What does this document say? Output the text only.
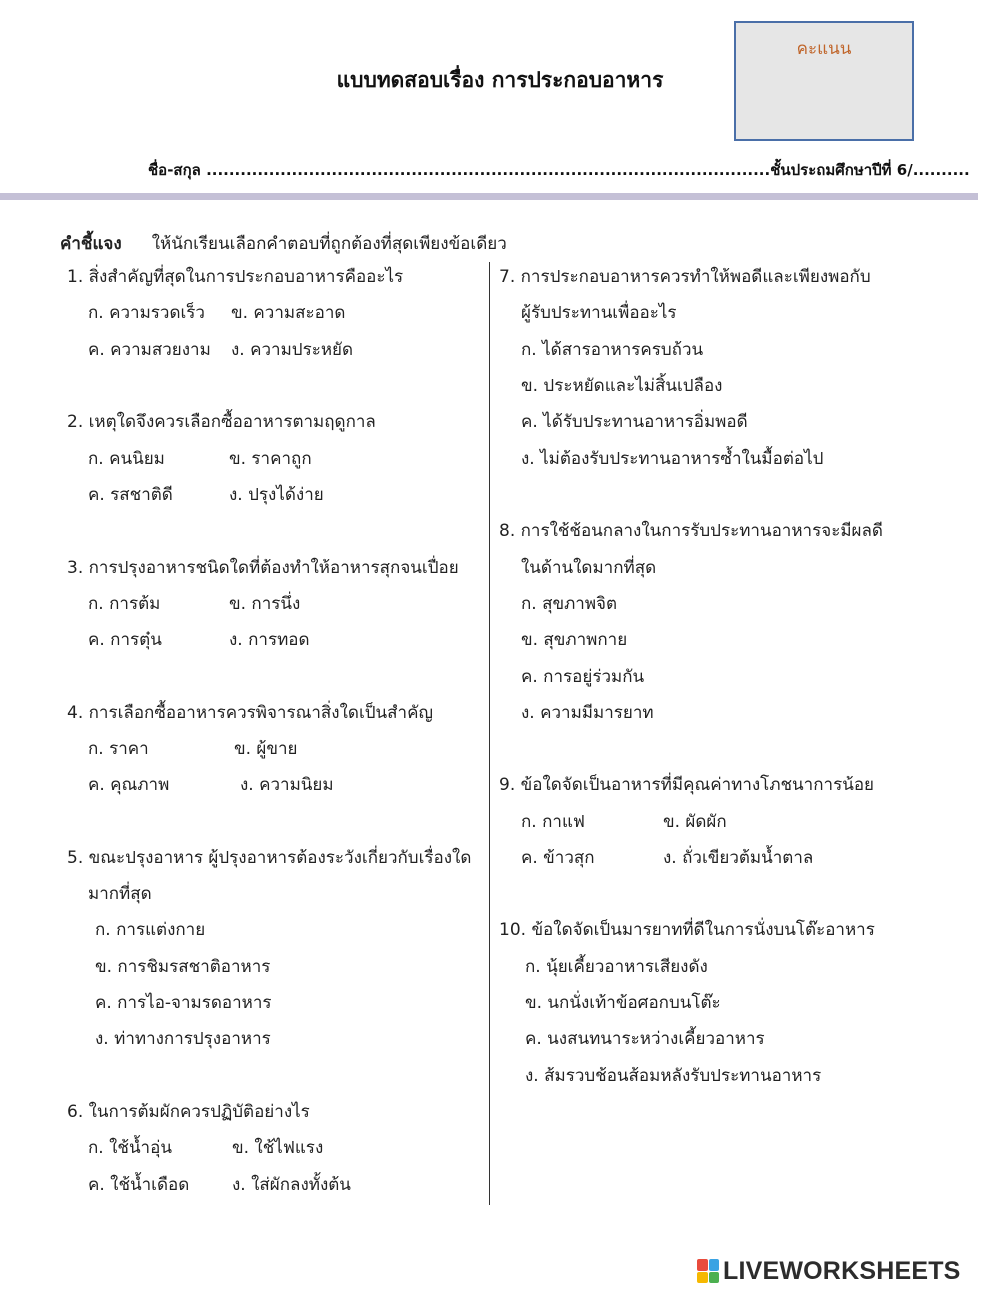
แบบทดสอบเรื่อง การประกอบอาหาร
คะแนน
ชื่อ-สกุล ...................................................................................................ชั้นประถมศึกษาปีที่ 6/..........
คำชี้แจง ให้นักเรียนเลือกคำตอบที่ถูกต้องที่สุดเพียงข้อเดียว
1. สิ่งสำคัญที่สุดในการประกอบอาหารคืออะไร
ก. ความรวดเร็ว ข. ความสะอาด
ค. ความสวยงาม ง. ความประหยัด
2. เหตุใดจึงควรเลือกซื้ออาหารตามฤดูกาล
ก. คนนิยม	ข. ราคาถูก
ค. รสชาติดี	ง. ปรุงได้ง่าย
3. การปรุงอาหารชนิดใดที่ต้องทำให้อาหารสุกจนเปื่อย
ก. การต้ม	ข. การนึ่ง
ค. การตุ๋น	ง. การทอด
4. การเลือกซื้ออาหารควรพิจารณาสิ่งใดเป็นสำคัญ
ก. ราคา	ข. ผู้ขาย
ค. คุณภาพ	ง. ความนิยม
5. ขณะปรุงอาหาร ผู้ปรุงอาหารต้องระวังเกี่ยวกับเรื่องใด
มากที่สุด
ก. การแต่งกาย
ข. การชิมรสชาติอาหาร
ค. การไอ-จามรดอาหาร
ง. ท่าทางการปรุงอาหาร
6. ในการต้มผักควรปฏิบัติอย่างไร
ก. ใช้น้ำอุ่น	ข. ใช้ไฟแรง
ค. ใช้น้ำเดือด	ง. ใส่ผักลงทั้งต้น
7. การประกอบอาหารควรทำให้พอดีและเพียงพอกับ
ผู้รับประทานเพื่ออะไร
ก. ได้สารอาหารครบถ้วน
ข. ประหยัดและไม่สิ้นเปลือง
ค. ได้รับประทานอาหารอิ่มพอดี
ง. ไม่ต้องรับประทานอาหารซ้ำในมื้อต่อไป
8. การใช้ช้อนกลางในการรับประทานอาหารจะมีผลดี
ในด้านใดมากที่สุด
ก. สุขภาพจิต
ข. สุขภาพกาย
ค. การอยู่ร่วมกัน
ง. ความมีมารยาท
9. ข้อใดจัดเป็นอาหารที่มีคุณค่าทางโภชนาการน้อย
ก. กาแฟ	ข. ผัดผัก
ค. ข้าวสุก	ง. ถั่วเขียวต้มน้ำตาล
10. ข้อใดจัดเป็นมารยาทที่ดีในการนั่งบนโต๊ะอาหาร
ก. นุ้ยเคี้ยวอาหารเสียงดัง
ข. นกนั่งเท้าข้อศอกบนโต๊ะ
ค. นงสนทนาระหว่างเคี้ยวอาหาร
ง. ส้มรวบช้อนส้อมหลังรับประทานอาหาร
LIVEWORKSHEETS
